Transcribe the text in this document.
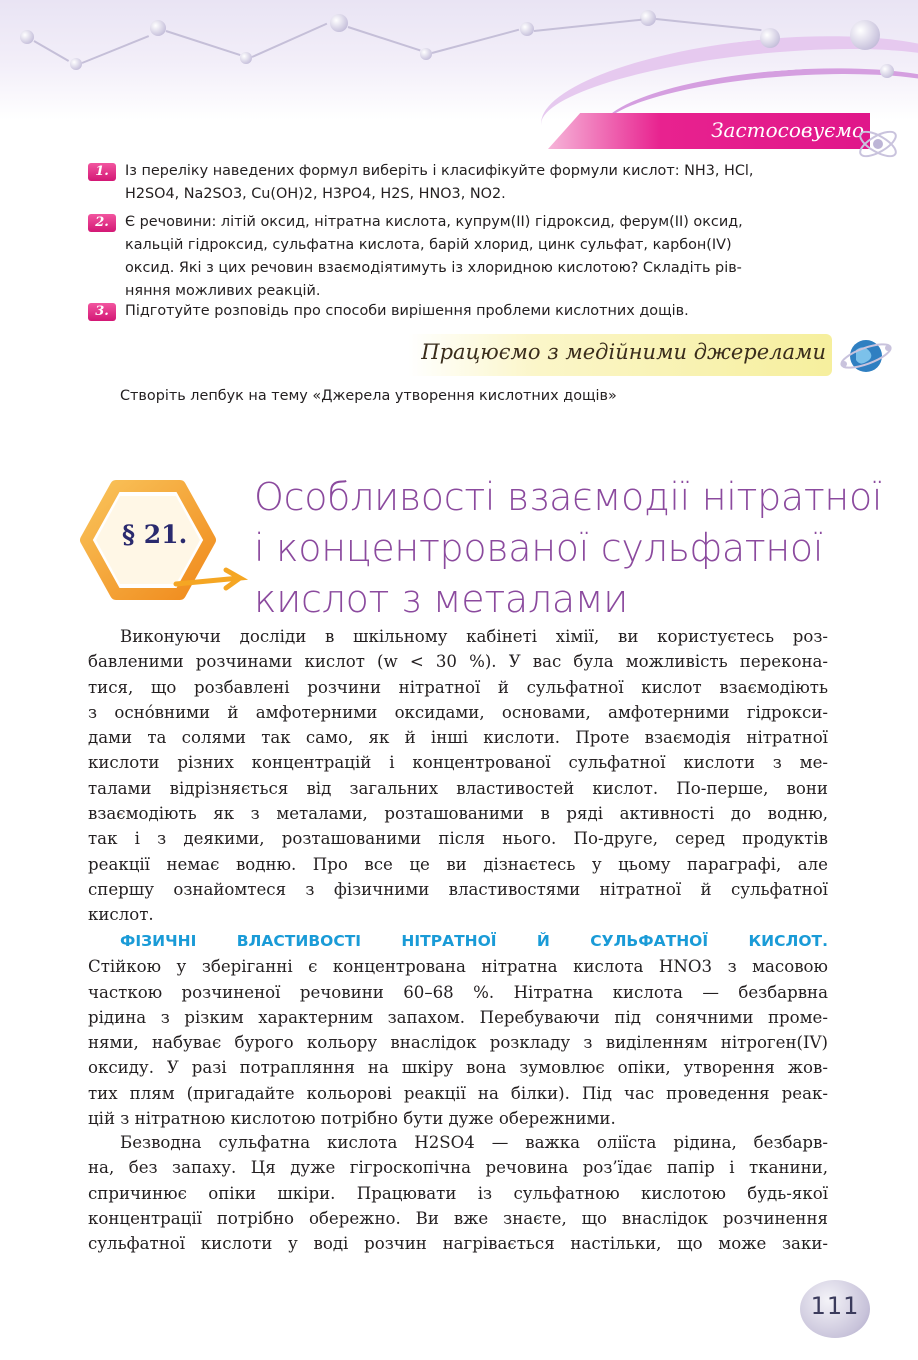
Застосовуємо
1.	Із переліку наведених формул виберіть і класифікуйте формули кислот: NH3, HCl,
H2SO4, Na2SO3, Cu(OH)2, H3PO4, H2S, HNO3, NO2.
2.	Є речовини: літій оксид, нітратна кислота, купрум(ІІ) гідроксид, ферум(ІІ) оксид,
кальцій гідроксид, сульфатна кислота, барій хлорид, цинк сульфат, карбон(IV)
оксид. Які з цих речовин взаємодіятимуть із хлоридною кислотою? Складіть рів-
няння можливих реакцій.
3.	Підготуйте розповідь про способи вирішення проблеми кислотних дощів.
Працюємо з медійними джерелами
Створіть лепбук на тему «Джерела утворення кислотних дощів»
§ 21.
Особливості взаємодії нітратної
і концентрованої сульфатної
кислот з металами
Виконуючи досліди в шкільному кабінеті хімії, ви користуєтесь роз-
бавленими розчинами кислот (w < 30 %). У вас була можливість переконa-
тися, що розбавлені розчини нітратної й сульфатної кислот взаємодіють
з осно́вними й амфотерними оксидами, основами, амфотерними гідрокси-
дами та солями так само, як й інші кислоти. Проте взаємодія нітратної
кислоти різних концентрацій і концентрованої сульфатної кислоти з ме-
талами відрізняється від загальних властивостей кислот. По-перше, вони
взаємодіють як з металами, розташованими в ряді активності до водню,
так і з деякими, розташованими після нього. По-друге, серед продуктів
реакції немає водню. Про все це ви дізнаєтесь у цьому параграфі, але
спершу ознайомтеся з фізичними властивостями нітратної й сульфатної
кислот.
ФІЗИЧНІ ВЛАСТИВОСТІ НІТРАТНОЇ Й СУЛЬФАТНОЇ КИСЛОТ.
Стійкою у зберіганні є концентрована нітратна кислота HNO3 з масовою
часткою розчиненої речовини 60–68 %. Нітратна кислота — безбарвна
рідина з різким характерним запахом. Перебуваючи під сонячними проме-
нями, набуває бурого кольору внаслідок розкладу з виділенням нітроген(IV)
оксиду. У разі потрапляння на шкіру вона зумовлює опіки, утворення жов-
тих плям (пригадайте кольорові реакції на білки). Під час проведення реак-
цій з нітратною кислотою потрібно бути дуже обережними.
Безводна сульфатна кислота H2SO4 — важка оліїста рідина, безбарв-
на, без запаху. Ця дуже гігроскопічна речовина роз’їдає папір і тканини,
спричинює опіки шкіри. Працювати із сульфатною кислотою будь-якої
концентрації потрібно обережно. Ви вже знаєте, що внаслідок розчинення
сульфатної кислоти у воді розчин нагрівається настільки, що може заки-
111
